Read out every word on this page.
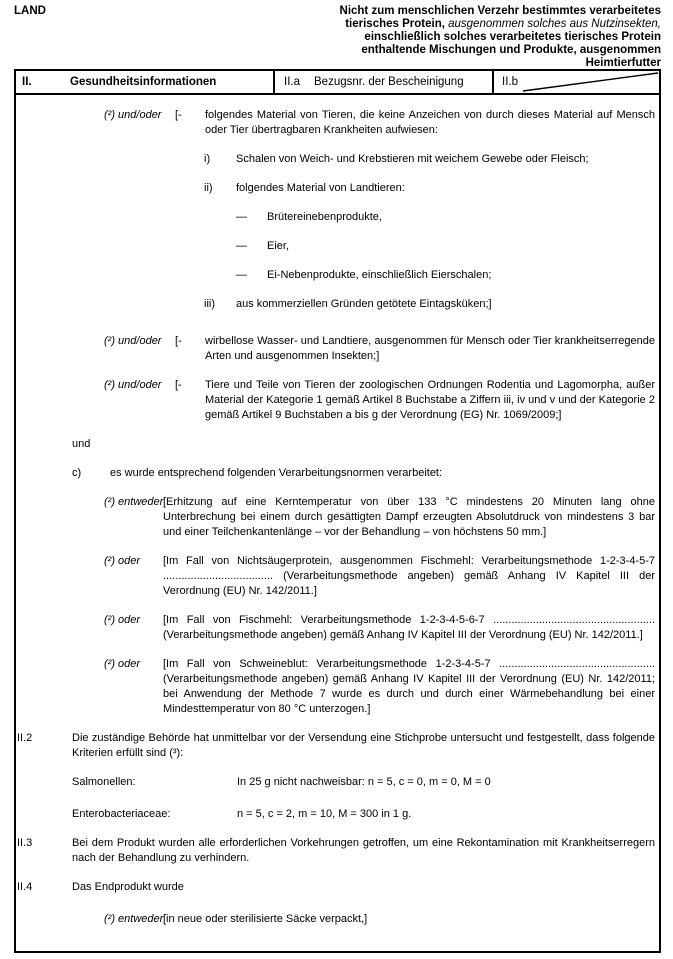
LAND	Nicht zum menschlichen Verzehr bestimmtes verarbeitetes tierisches Protein, ausgenommen solches aus Nutzinsekten, einschließlich solches verarbeitetes tierisches Protein enthaltende Mischungen und Produkte, ausgenommen Heimtierfutter
II.	Gesundheitsinformationen	II.a	Bezugsnr. der Bescheinigung	II.b
(²) und/oder	[-	folgendes Material von Tieren, die keine Anzeichen von durch dieses Material auf Mensch oder Tier übertragbaren Krankheiten aufwiesen:
i)	Schalen von Weich- und Krebstieren mit weichem Gewebe oder Fleisch;
ii)	folgendes Material von Landtieren:
—	Brütereinebenprodukte,
—	Eier,
—	Ei-Nebenprodukte, einschließlich Eierschalen;
iii)	aus kommerziellen Gründen getötete Eintagsküken;]
(²) und/oder	[-	wirbellose Wasser- und Landtiere, ausgenommen für Mensch oder Tier krankheitserregende Arten und ausgenommen Insekten;]
(²) und/oder	[-	Tiere und Teile von Tieren der zoologischen Ordnungen Rodentia und Lagomorpha, außer Material der Kategorie 1 gemäß Artikel 8 Buchstabe a Ziffern iii, iv und v und der Kategorie 2 gemäß Artikel 9 Buchstaben a bis g der Verordnung (EG) Nr. 1069/2009;]
und
c)	es wurde entsprechend folgenden Verarbeitungsnormen verarbeitet:
(²) entweder [Erhitzung auf eine Kerntemperatur von über 133 °C mindestens 20 Minuten lang ohne Unterbrechung bei einem durch gesättigten Dampf erzeugten Absolutdruck von mindestens 3 bar und einer Teilchenkantenlänge – vor der Behandlung – von höchstens 50 mm.]
(²) oder	[Im Fall von Nichtsäugerprotein, ausgenommen Fischmehl: Verarbeitungsmethode 1-2-3-4-5-7 .................................... (Verarbeitungsmethode angeben) gemäß Anhang IV Kapitel III der Verordnung (EU) Nr. 142/2011.]
(²) oder	[Im Fall von Fischmehl: Verarbeitungsmethode 1-2-3-4-5-6-7 ..................................................... (Verarbeitungsmethode angeben) gemäß Anhang IV Kapitel III der Verordnung (EU) Nr. 142/2011.]
(²) oder	[Im Fall von Schweineblut: Verarbeitungsmethode 1-2-3-4-5-7 ................................................... (Verarbeitungsmethode angeben) gemäß Anhang IV Kapitel III der Verordnung (EU) Nr. 142/2011; bei Anwendung der Methode 7 wurde es durch und durch einer Wärmebehandlung bei einer Mindesttemperatur von 80 °C unterzogen.]
II.2	Die zuständige Behörde hat unmittelbar vor der Versendung eine Stichprobe untersucht und festgestellt, dass folgende Kriterien erfüllt sind (³):
Salmonellen:	In 25 g nicht nachweisbar: n = 5, c = 0, m = 0, M = 0
Enterobacteriaceae:	n = 5, c = 2, m = 10, M = 300 in 1 g.
II.3	Bei dem Produkt wurden alle erforderlichen Vorkehrungen getroffen, um eine Rekontamination mit Krankheitserregern nach der Behandlung zu verhindern.
II.4	Das Endprodukt wurde
(²) entweder [in neue oder sterilisierte Säcke verpackt,]
